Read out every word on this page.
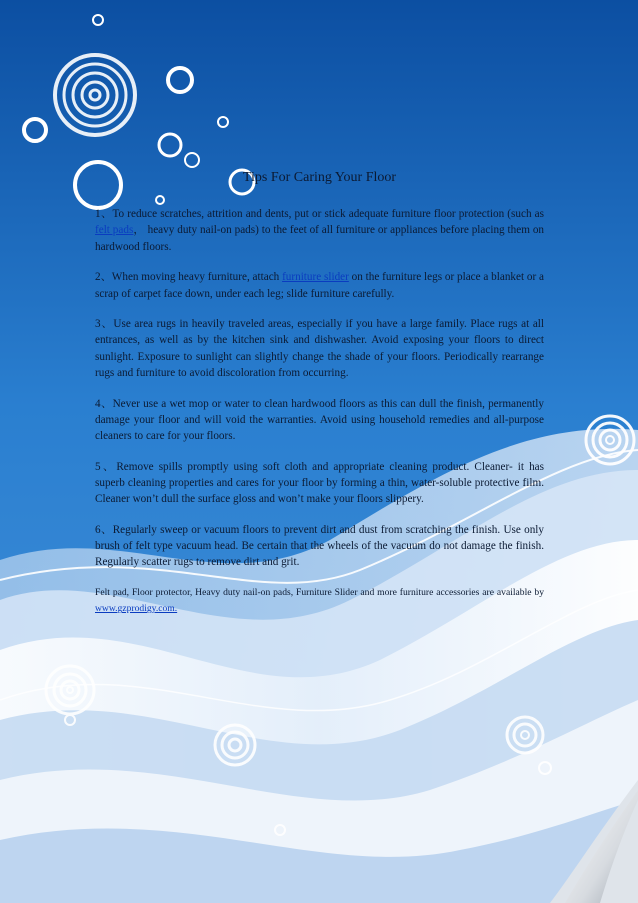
Tips For Caring Your Floor

1、To reduce scratches, attrition and dents, put or stick adequate furniture floor protection (such as felt pads， heavy duty nail-on pads) to the feet of all furniture or appliances before placing them on hardwood floors.

2、When moving heavy furniture, attach furniture slider on the furniture legs or place a blanket or a scrap of carpet face down, under each leg; slide furniture carefully.

3、Use area rugs in heavily traveled areas, especially if you have a large family. Place rugs at all entrances, as well as by the kitchen sink and dishwasher. Avoid exposing your floors to direct sunlight. Exposure to sunlight can slightly change the shade of your floors. Periodically rearrange rugs and furniture to avoid discoloration from occurring.

4、Never use a wet mop or water to clean hardwood floors as this can dull the finish, permanently damage your floor and will void the warranties. Avoid using household remedies and all-purpose cleaners to care for your floors.

5、Remove spills promptly using soft cloth and appropriate cleaning product. Cleaner- it has superb cleaning properties and cares for your floor by forming a thin, water-soluble protective film. Cleaner won’t dull the surface gloss and won’t make your floors slippery.

6、Regularly sweep or vacuum floors to prevent dirt and dust from scratching the finish. Use only brush of felt type vacuum head. Be certain that the wheels of the vacuum do not damage the finish. Regularly scatter rugs to remove dirt and grit.

Felt pad, Floor protector, Heavy duty nail-on pads, Furniture Slider and more furniture accessories are available by www.gzprodigy.com.
